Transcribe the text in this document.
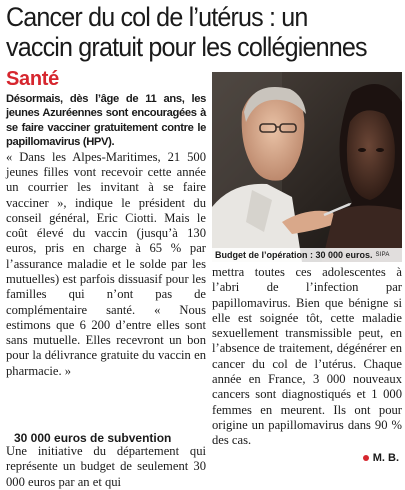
Cancer du col de l’utérus : un
vaccin gratuit pour les collégiennes
Santé

Désormais, dès l’âge de 11 ans, les jeunes Azuréennes sont encouragées à se faire vacciner gratuitement contre le papillomavirus (HPV).

« Dans les Alpes-Maritimes, 21 500 jeunes filles vont recevoir cette année un courrier les invitant à se faire vacciner », indique le président du conseil général, Eric Ciotti. Mais le coût élevé du vaccin (jusqu’à 130 euros, pris en charge à 65 % par l’assurance maladie et le solde par les mutuelles) est parfois dissuasif pour les familles qui n’ont pas de complémentaire santé. « Nous estimons que 6 200 d’entre elles sont sans mutuelle. Elles recevront un bon pour la délivrance gratuite du vaccin en pharmacie. »

30 000 euros de subvention

Une initiative du département qui représente un budget de seulement 30 000 euros par an et qui

Budget de l’opération : 30 000 euros. SIPA

mettra toutes ces adolescentes à l’abri de l’infection par papillomavirus. Bien que bénigne si elle est soignée tôt, cette maladie sexuellement transmissible peut, en l’absence de traitement, dégénérer en cancer du col de l’utérus. Chaque année en France, 3 000 nouveaux cancers sont diagnostiqués et 1 000 femmes en meurent. Ils ont pour origine un papillomavirus dans 90 % des cas.

M. B.
